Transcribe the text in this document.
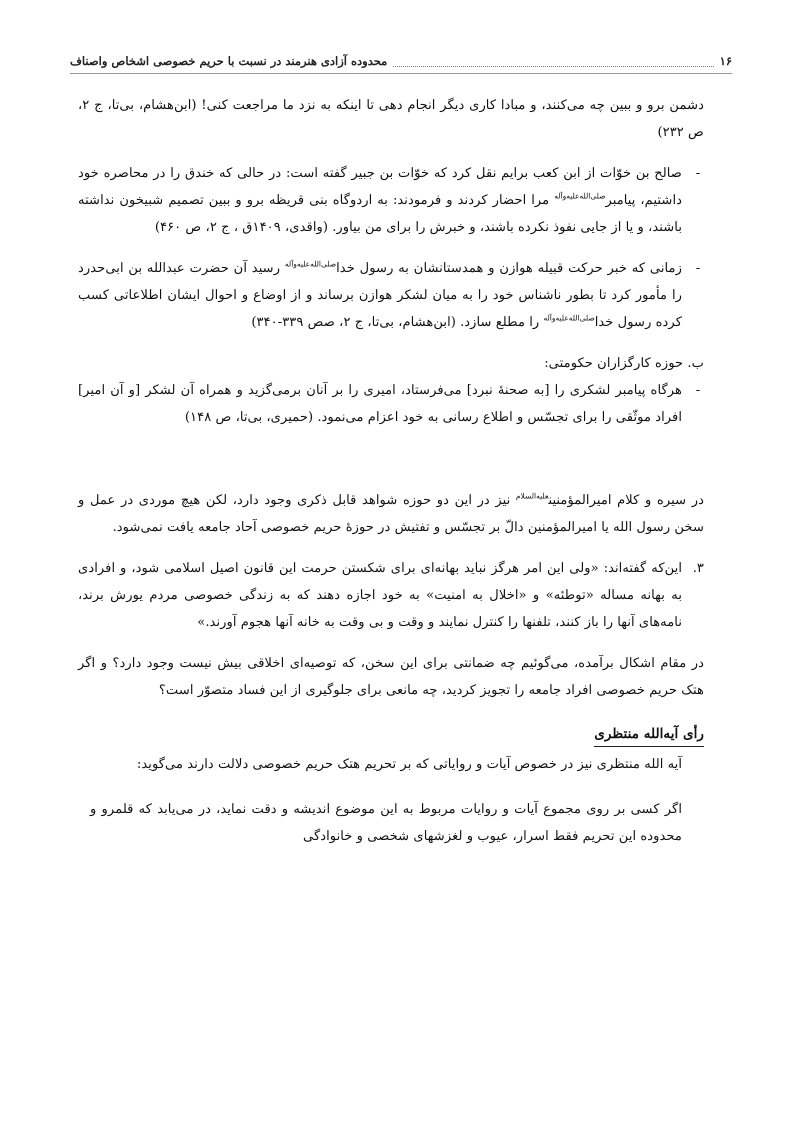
محدوده آزادی هنرمند در نسبت با حریم خصوصی اشخاص واصناف	۱۶

دشمن برو و ببین چه می‌کنند، و مبادا کاری دیگر انجام دهی تا اینکه به نزد ما مراجعت کنی! (ابن‌هشام، بی‌تا، ج ۲، ص ۲۳۲)

-
صالح بن خوّات از ابن کعب برایم نقل کرد که خوّات بن جبیر گفته است: در حالی که خندق را در محاصره خود داشتیم، پیامبر$^{صلی‌الله‌علیه‌وآله}$ مرا احضار کردند و فرمودند: به اردوگاه بنی قریظه برو و ببین تصمیم شبیخون نداشته باشند، و یا از جایی نفوذ نکرده باشند، و خبرش را برای من بیاور. (واقدی، ۱۴۰۹ق ، ج ۲، ص ۴۶۰)
-
زمانی که خبر حرکت قبیله هوازن و همدستانشان به رسول خدا$^{صلی‌الله‌علیه‌وآله}$ رسید آن حضرت عبدالله بن ابی‌حدرد را مأمور کرد تا بطور ناشناس خود را به میان لشکر هوازن برساند و از اوضاع و احوال ایشان اطلاعاتی کسب کرده رسول خدا$^{صلی‌الله‌علیه‌وآله}$ را مطلع سازد. (ابن‌هشام، بی‌تا، ج ۲، صص ۳۳۹-۳۴۰)

ب. حوزه کارگزاران حکومتی:

-
هرگاه پیامبر لشکری را [به صحنهٔ نبرد] می‌فرستاد، امیری را بر آنان برمی‌گزید و همراه آن لشکر [و آن امیر] افراد موثّقی را برای تجسّس و اطلاع رسانی به خود اعزام می‌نمود. (حمیری، بی‌تا، ص ۱۴۸)

در سیره و کلام امیرالمؤمنین$^{علیه‌السلام}$ نیز در این دو حوزه شواهد قابل ذکری وجود دارد، لکن هیچ موردی در عمل و سخن رسول الله یا امیرالمؤمنین دالّ بر تجسّس و تفتیش در حوزهٔ حریم خصوصی آحاد جامعه یافت نمی‌شود.

۳.
این‌که گفته‌اند: «ولی این امر هرگز نباید بهانه‌ای برای شکستن حرمت این قانون اصیل اسلامی شود، و افرادی به بهانه مساله «توطئه» و «اخلال به امنیت» به خود اجازه دهند که به زندگی خصوصی مردم یورش برند، نامه‌های آنها را باز کنند، تلفنها را کنترل نمایند و وقت و بی وقت به خانه آنها هجوم آورند.»

در مقام اشکال برآمده، می‌گوئیم چه ضمانتی برای این سخن، که توصیه‌ای اخلاقی بیش نیست وجود دارد؟ و اگر هتک حریم خصوصی افراد جامعه را تجویز کردید، چه مانعی برای جلوگیری از این فساد متصوّر است؟

رأی آیه‌الله منتظری

آیه الله منتظری نیز در خصوص آیات و روایاتی که بر تحریم هتک حریم خصوصی دلالت دارند می‌گوید:

اگر کسی بر روی مجموع آیات و روایات مربوط به این موضوع اندیشه و دقت نماید، در می‌یابد که قلمرو و محدوده این تحریم فقط اسرار، عیوب و لغزشهای شخصی و خانوادگی
